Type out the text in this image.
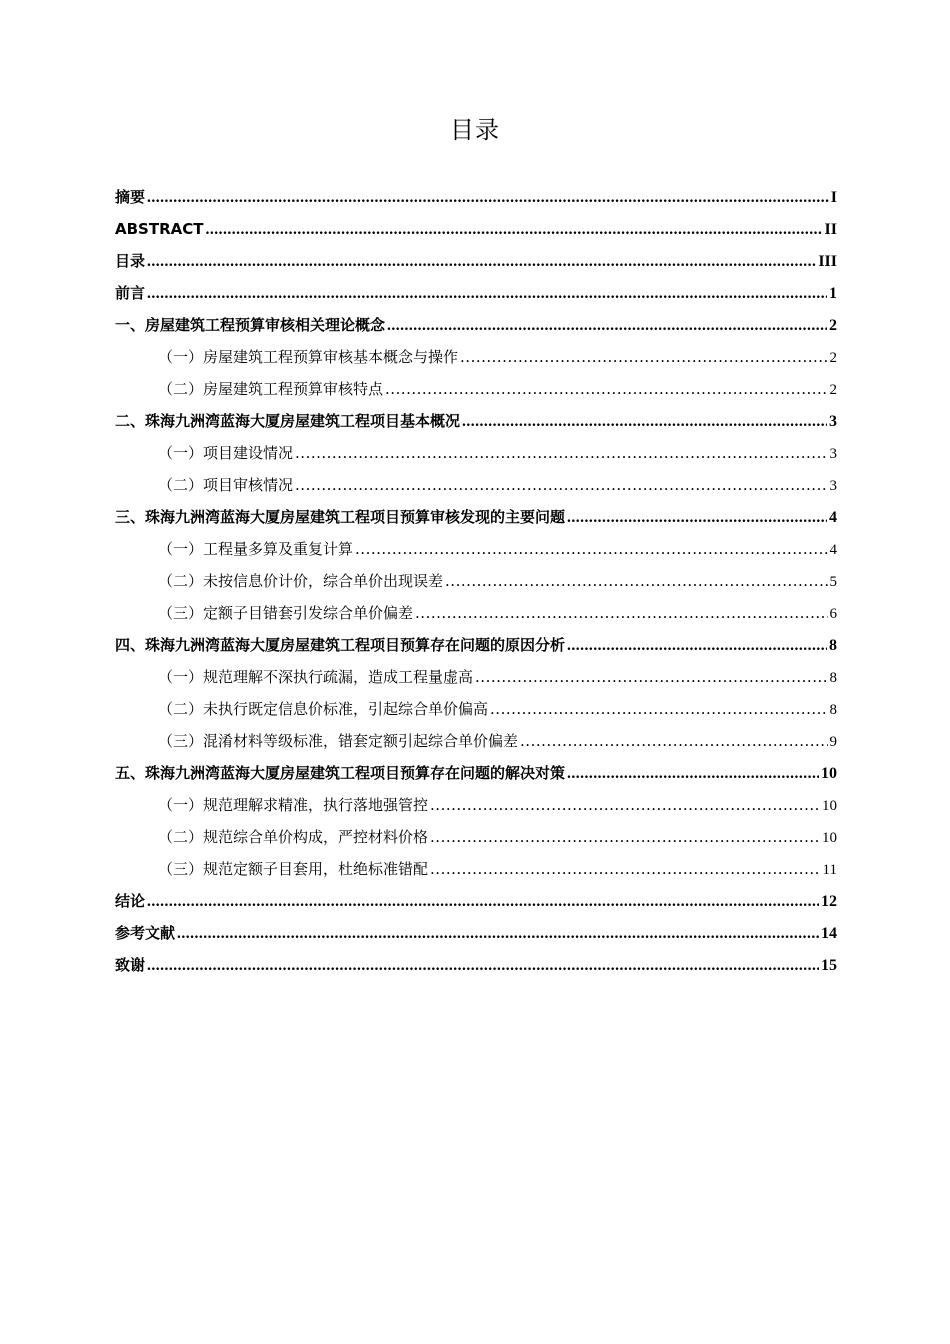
目录
摘要 .....	I
ABSTRACT .....	II
目录 .....	III
前言 .....	1
一、 房屋建筑工程预算审核相关理论概念 .....	2
（一） 房屋建筑工程预算审核基本概念与操作 .....	2
（二） 房屋建筑工程预算审核特点 .....	2
二、 珠海九洲湾蓝海大厦房屋建筑工程项目基本概况 .....	3
（一） 项目建设情况 .....	3
（二） 项目审核情况 .....	3
三、 珠海九洲湾蓝海大厦房屋建筑工程项目预算审核发现的主要问题 .....	4
（一） 工程量多算及重复计算 .....	4
（二） 未按信息价计价，综合单价出现误差 .....	5
（三） 定额子目错套引发综合单价偏差 .....	6
四、 珠海九洲湾蓝海大厦房屋建筑工程项目预算存在问题的原因分析 .....	8
（一） 规范理解不深执行疏漏，造成工程量虚高 .....	8
（二） 未执行既定信息价标准，引起综合单价偏高 .....	8
（三） 混淆材料等级标准，错套定额引起综合单价偏差 .....	9
五、 珠海九洲湾蓝海大厦房屋建筑工程项目预算存在问题的解决对策 .....	10
（一） 规范理解求精准，执行落地强管控 .....	10
（二） 规范综合单价构成，严控材料价格 .....	10
（三） 规范定额子目套用，杜绝标准错配 .....	11
结论 .....	12
参考文献 .....	14
致谢 .....	15
